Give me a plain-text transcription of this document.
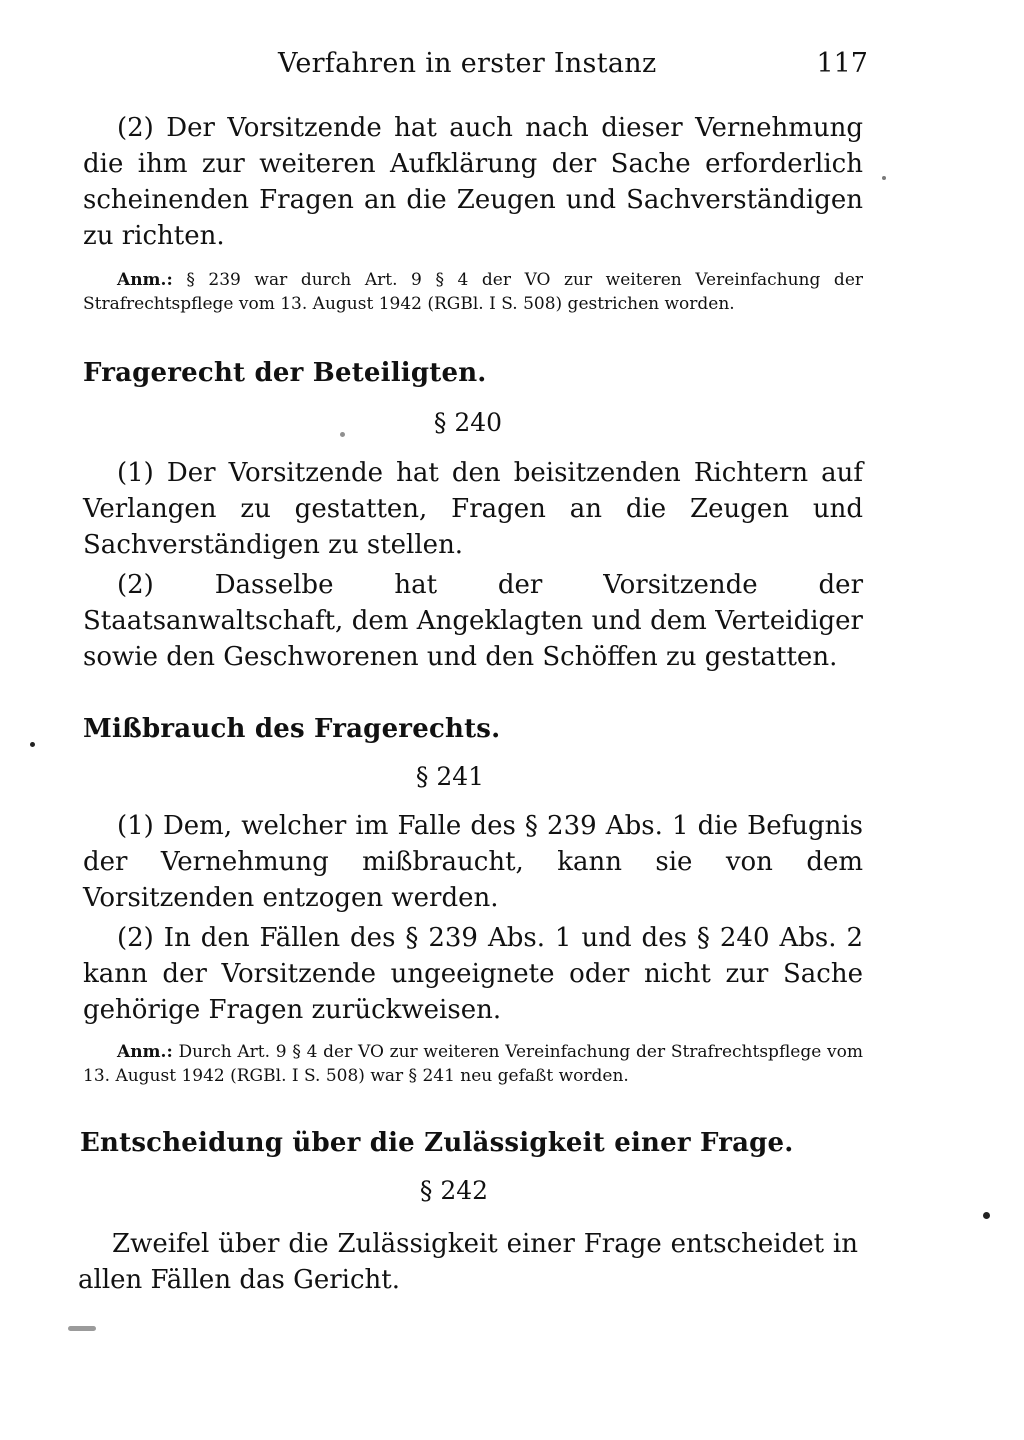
Verfahren in erster Instanz	117

(2) Der Vorsitzende hat auch nach dieser Vernehmung die ihm zur weiteren Aufklärung der Sache erforderlich scheinenden Fragen an die Zeugen und Sachverständigen zu richten.

Anm.: § 239 war durch Art. 9 § 4 der VO zur weiteren Vereinfachung der Strafrechtspflege vom 13. August 1942 (RGBl. I S. 508) gestrichen worden.

Fragerecht der Beteiligten.
§ 240

(1) Der Vorsitzende hat den beisitzenden Richtern auf Verlangen zu gestatten, Fragen an die Zeugen und Sachverständigen zu stellen.

(2) Dasselbe hat der Vorsitzende der Staatsanwaltschaft, dem Angeklagten und dem Verteidiger sowie den Geschworenen und den Schöffen zu gestatten.

Mißbrauch des Fragerechts.
§ 241

(1) Dem, welcher im Falle des § 239 Abs. 1 die Befugnis der Vernehmung mißbraucht, kann sie von dem Vorsitzenden entzogen werden.

(2) In den Fällen des § 239 Abs. 1 und des § 240 Abs. 2 kann der Vorsitzende ungeeignete oder nicht zur Sache gehörige Fragen zurückweisen.

Anm.: Durch Art. 9 § 4 der VO zur weiteren Vereinfachung der Strafrechtspflege vom 13. August 1942 (RGBl. I S. 508) war § 241 neu gefaßt worden.

Entscheidung über die Zulässigkeit einer Frage.
§ 242

Zweifel über die Zulässigkeit einer Frage entscheidet in allen Fällen das Gericht.
